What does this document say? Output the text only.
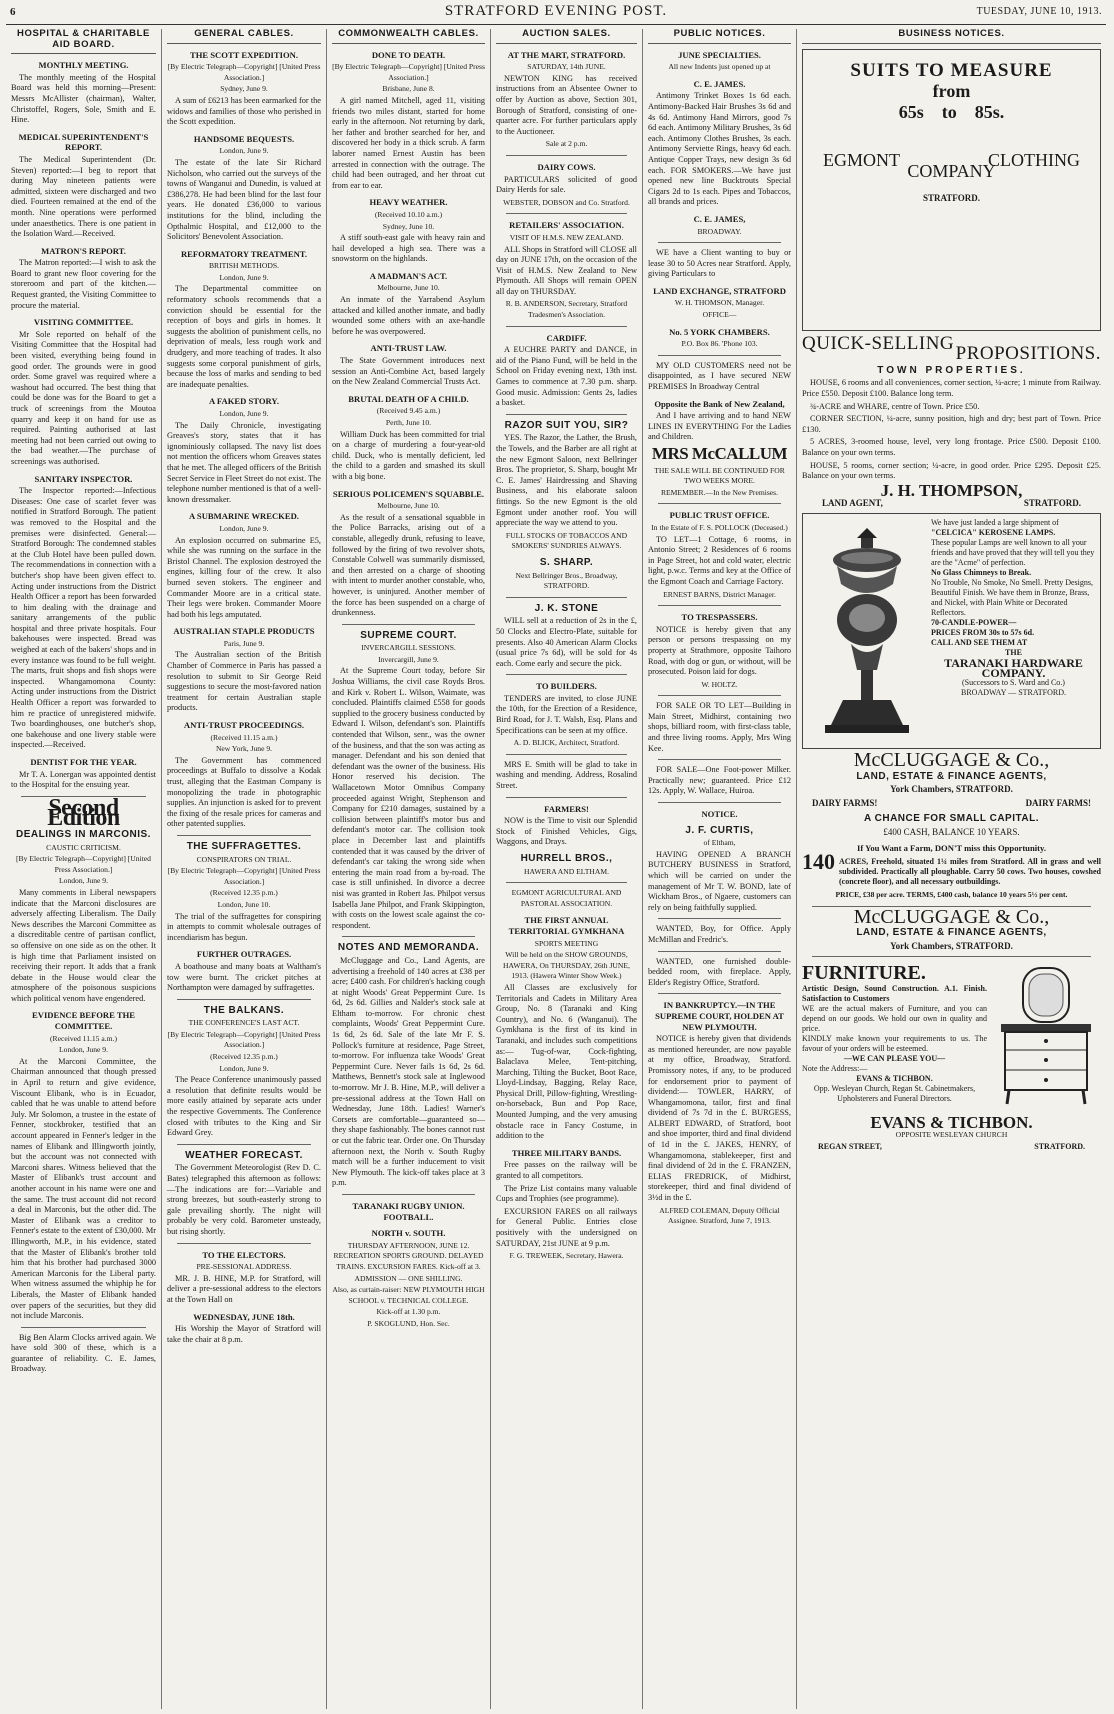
6	STRATFORD EVENING POST.	TUESDAY, JUNE 10, 1913.
HOSPITAL & CHARITABLE AID BOARD.
MONTHLY MEETING.

The monthly meeting of the Hospital Board was held this morning—Present: Messrs McAllister (chairman), Walter, Christoffel, Rogers, Sole, Smith and E. Hine.

MEDICAL SUPERINTENDENT'S REPORT.

The Medical Superintendent (Dr. Steven) reported:—I beg to report that during May nineteen patients were admitted, sixteen were discharged and two died. Fourteen remained at the end of the month. Nine operations were performed under anaesthetics. There is one patient in the Isolation Ward.—Received.

MATRON'S REPORT.

The Matron reported:—I wish to ask the Board to grant new floor covering for the storeroom and part of the kitchen.—Request granted, the Visiting Committee to procure the material.

VISITING COMMITTEE.

Mr Sole reported on behalf of the Visiting Committee that the Hospital had been visited, everything being found in good order. The grounds were in good order. Some gravel was required where a washout had occurred. The best thing that could be done was for the Board to get a truck of screenings from the Moutoa quarry and keep it on hand for use as required. Painting authorised at last meeting had not been carried out owing to the bad weather.—The purchase of screenings was authorised.

SANITARY INSPECTOR.

The Inspector reported:—Infectious Diseases: One case of scarlet fever was notified in Stratford Borough. The patient was removed to the Hospital and the premises were disinfected. General:—Stratford Borough: The condemned stables at the Club Hotel have been pulled down. The recommendations in connection with a butcher's shop have been given effect to. Acting under instructions from the District Health Officer a report has been forwarded to him dealing with the drainage and sanitary arrangements of the public hospital and three private hospitals. Four bakehouses were inspected. Bread was weighed at each of the bakers' shops and in every instance was found to be full weight. The marts, fruit shops and fish shops were inspected. Whangamomona County: Acting under instructions from the District Health Officer a report was forwarded to him re practice of unregistered midwife. Two boardinghouses, one butcher's shop, one bakehouse and one livery stable were inspected.—Received.

DENTIST FOR THE YEAR.

Mr T. A. Lonergan was appointed dentist to the Hospital for the ensuing year.

Second Edition
DEALINGS IN MARCONIS.
CAUSTIC CRITICISM.
[By Electric Telegraph—Copyright] [United Press Association.]
London, June 9.

Many comments in Liberal newspapers indicate that the Marconi disclosures are adversely affecting Liberalism. The Daily News describes the Marconi Committee as a discreditable centre of partisan conflict, so offensive on one side as on the other. It is high time that Parliament insisted on receiving their report. It adds that a frank debate in the House would clear the atmosphere of the poisonous suspicions which political venom have engendered.

EVIDENCE BEFORE THE COMMITTEE.
(Received 11.15 a.m.)
London, June 9.

At the Marconi Committee, the Chairman announced that though pressed in April to return and give evidence, Viscount Elibank, who is in Ecuador, cabled that he was unable to attend before July. Mr Solomon, a trustee in the estate of Fenner, stockbroker, testified that an account appeared in Fenner's ledger in the names of Elibank and Illingworth jointly, but the account was not connected with Marconi shares. Witness believed that the Master of Elibank's trust account and another account in his name were one and the same. The trust account did not record a deal in Marconis, but the other did. The Master of Elibank was a creditor to Fenner's estate to the extent of £30,000. Mr Illingworth, M.P., in his evidence, stated that the Master of Elibank's brother told him that his brother had purchased 3000 American Marconis for the Liberal party. When witness assumed the whiphip he for Liberals, the Master of Elibank handed over papers of the securities, but they did not include Marconis.

Big Ben Alarm Clocks arrived again. We have sold 300 of these, which is a guarantee of reliability. C. E. James, Broadway.

GENERAL CABLES.
THE SCOTT EXPEDITION.
[By Electric Telegraph—Copyright] [United Press Association.]
Sydney, June 9.

A sum of £6213 has been earmarked for the widows and families of those who perished in the Scott expedition.

HANDSOME BEQUESTS.
London, June 9.

The estate of the late Sir Richard Nicholson, who carried out the surveys of the towns of Wanganui and Dunedin, is valued at £386,278. He had been blind for the last four years. He donated £36,000 to various institutions for the blind, including the Opthalmic Hospital, and £12,000 to the Solicitors' Benevolent Association.

REFORMATORY TREATMENT.
BRITISH METHODS.
London, June 9.

The Departmental committee on reformatory schools recommends that a conviction should be essential for the reception of boys and girls in homes. It suggests the abolition of punishment cells, no deprivation of meals, less rough work and drudgery, and more teaching of trades. It also suggests some corporal punishment of girls, because the loss of marks and sending to bed are inadequate penalties.

A FAKED STORY.
London, June 9.

The Daily Chronicle, investigating Greaves's story, states that it has ignominiously collapsed. The navy list does not mention the officers whom Greaves states that he met. The alleged officers of the British Secret Service in Fleet Street do not exist. The telephone number mentioned is that of a well-known dressmaker.

A SUBMARINE WRECKED.
London, June 9.

An explosion occurred on submarine E5, while she was running on the surface in the Bristol Channel. The explosion destroyed the engines, killing four of the crew. It also burned seven stokers. The engineer and Commander Moore are in a critical state. Their legs were broken. Commander Moore had both his legs amputated.

AUSTRALIAN STAPLE PRODUCTS
Paris, June 9.

The Australian section of the British Chamber of Commerce in Paris has passed a resolution to submit to Sir George Reid suggestions to secure the most-favored nation treatment for certain Australian staple products.

ANTI-TRUST PROCEEDINGS.
(Received 11.15 a.m.)
New York, June 9.

The Government has commenced proceedings at Buffalo to dissolve a Kodak trust, alleging that the Eastman Company is monopolizing the trade in photographic supplies. An injunction is asked for to prevent the fixing of the resale prices for cameras and other patented supplies.

THE SUFFRAGETTES.
CONSPIRATORS ON TRIAL.
[By Electric Telegraph—Copyright] [United Press Association.]
(Received 12.35 p.m.)
London, June 10.

The trial of the suffragettes for conspiring in attempts to commit wholesale outrages of incendiarism has begun.

FURTHER OUTRAGES.

A boathouse and many boats at Waltham's tow were burnt. The cricket pitches at Northampton were damaged by suffragettes.

THE BALKANS.
THE CONFERENCE'S LAST ACT.
[By Electric Telegraph—Copyright] [United Press Association.]
(Received 12.35 p.m.)
London, June 9.

The Peace Conference unanimously passed a resolution that definite results would be more easily attained by separate acts under the respective Governments. The Conference closed with tributes to the King and Sir Edward Grey.

WEATHER FORECAST.

The Government Meteorologist (Rev D. C. Bates) telegraphed this afternoon as follows:—The indications are for:—Variable and strong breezes, but south-easterly strong to gale prevailing shortly. The night will probably be very cold. Barometer unsteady, but rising shortly.

TO THE ELECTORS.
PRE-SESSIONAL ADDRESS.

MR. J. B. HINE, M.P. for Stratford, will deliver a pre-sessional address to the electors at the Town Hall on

WEDNESDAY, JUNE 18th.

His Worship the Mayor of Stratford will take the chair at 8 p.m.

COMMONWEALTH CABLES.
DONE TO DEATH.
[By Electric Telegraph—Copyright] [United Press Association.]
Brisbane, June 8.

A girl named Mitchell, aged 11, visiting friends two miles distant, started for home early in the afternoon. Not returning by dark, her father and brother searched for her, and discovered her body in a thick scrub. A farm laborer named Ernest Austin has been arrested in connection with the outrage. The child had been outraged, and her throat cut from ear to ear.

HEAVY WEATHER.
(Received 10.10 a.m.)
Sydney, June 10.

A stiff south-east gale with heavy rain and hail developed a high sea. There was a snowstorm on the highlands.

A MADMAN'S ACT.
Melbourne, June 10.

An inmate of the Yarrabend Asylum attacked and killed another inmate, and badly wounded some others with an axe-handle before he was overpowered.

ANTI-TRUST LAW.

The State Government introduces next session an Anti-Combine Act, based largely on the New Zealand Commercial Trusts Act.

BRUTAL DEATH OF A CHILD.
(Received 9.45 a.m.)
Perth, June 10.

William Duck has been committed for trial on a charge of murdering a four-year-old child. Duck, who is mentally deficient, led the child to a garden and smashed its skull with a big bone.

SERIOUS POLICEMEN'S SQUABBLE.
Melbourne, June 10.

As the result of a sensational squabble in the Police Barracks, arising out of a constable, allegedly drunk, refusing to leave, followed by the firing of two revolver shots, Constable Colwell was summarily dismissed, and then arrested on a charge of shooting with intent to murder another constable, who, however, is uninjured. Another member of the force has been suspended on a charge of drunkenness.

SUPREME COURT.
INVERCARGILL SESSIONS.
Invercargill, June 9.

At the Supreme Court today, before Sir Joshua Williams, the civil case Royds Bros. and Kirk v. Robert L. Wilson, Waimate, was concluded. Plaintiffs claimed £558 for goods supplied to the grocery business conducted by Edward I. Wilson, defendant's son. Plaintiffs contended that Wilson, senr., was the owner of the business, and that the son was acting as manager. Defendant and his son denied that defendant was the owner of the business. His Honor reserved his decision. The Wallacetown Motor Omnibus Company proceeded against Wright, Stephenson and Company for £210 damages, sustained by a collision between plaintiff's motor bus and defendant's motor car. The collision took place in December last and plaintiffs contended that it was caused by the driver of defendant's car taking the wrong side when entering the main road from a by-road. The case is still unfinished. In divorce a decree nisi was granted in Robert Jas. Philpot versus Isabella Jane Philpot, and Frank Skippington, with costs on the lowest scale against the co-respondent.

NOTES AND MEMORANDA.

McCluggage and Co., Land Agents, are advertising a freehold of 140 acres at £38 per acre; £400 cash. For children's hacking cough at night Woods' Great Peppermint Cure. 1s 6d, 2s 6d. Gillies and Nalder's stock sale at Eltham to-morrow. For chronic chest complaints, Woods' Great Peppermint Cure. 1s 6d, 2s 6d. Sale of the late Mr F. S. Pollock's furniture at residence, Page Street, to-morrow. For influenza take Woods' Great Peppermint Cure. Never fails 1s 6d, 2s 6d. Matthews, Bennett's stock sale at Inglewood to-morrow. Mr J. B. Hine, M.P., will deliver a pre-sessional address at the Town Hall on Wednesday, June 18th. Ladies! Warner's Corsets are comfortable—guaranteed so—they shape fashionably. The bones cannot rust or cut the fabric tear. Order one. On Thursday afternoon next, the North v. South Rugby match will be a further inducement to visit New Plymouth. The kick-off takes place at 3 p.m.

TARANAKI RUGBY UNION. FOOTBALL.
NORTH v. SOUTH.
THURSDAY AFTERNOON, JUNE 12. RECREATION SPORTS GROUND. DELAYED TRAINS. EXCURSION FARES. Kick-off at 3.
ADMISSION — ONE SHILLING.
Also, as curtain-raiser: NEW PLYMOUTH HIGH SCHOOL v. TECHNICAL COLLEGE.
Kick-off at 1.30 p.m.
P. SKOGLUND, Hon. Sec.
AUCTION SALES.
AT THE MART, STRATFORD.
SATURDAY, 14th JUNE.

NEWTON KING has received instructions from an Absentee Owner to offer by Auction as above, Section 301, Borough of Stratford, consisting of one-quarter acre. For further particulars apply to the Auctioneer.

Sale at 2 p.m.
DAIRY COWS.

PARTICULARS solicited of good Dairy Herds for sale.

WEBSTER, DOBSON and Co. Stratford.
RETAILERS' ASSOCIATION.
VISIT OF H.M.S. NEW ZEALAND.

ALL Shops in Stratford will CLOSE all day on JUNE 17th, on the occasion of the Visit of H.M.S. New Zealand to New Plymouth. All Shops will remain OPEN all day on THURSDAY.

R. B. ANDERSON, Secretary, Stratford Tradesmen's Association.
CARDIFF.

A EUCHRE PARTY and DANCE, in aid of the Piano Fund, will be held in the School on Friday evening next, 13th inst. Games to commence at 7.30 p.m. sharp. Good music. Admission: Gents 2s, ladies a basket.

RAZOR SUIT YOU, SIR?

YES. The Razor, the Lather, the Brush, the Towels, and the Barber are all right at the new Egmont Saloon, next Bellringer Bros. The proprietor, S. Sharp, bought Mr C. E. James' Hairdressing and Shaving Business, and his elaborate saloon fittings. So the new Egmont is the old Egmont under another roof. You will appreciate the way we attend to you.

FULL STOCKS OF TOBACCOS AND SMOKERS' SUNDRIES ALWAYS.
S. SHARP.
Next Bellringer Bros., Broadway, STRATFORD.
J. K. STONE

WILL sell at a reduction of 2s in the £, 50 Clocks and Electro-Plate, suitable for presents. Also 40 American Alarm Clocks (usual price 7s 6d), will be sold for 4s each. Come early and secure the pick.

TO BUILDERS.

TENDERS are invited, to close JUNE the 10th, for the Erection of a Residence, Bird Road, for J. T. Walsh, Esq. Plans and Specifications can be seen at my office.

A. D. BLICK, Architect, Stratford.

MRS E. Smith will be glad to take in washing and mending. Address, Rosalind Street.

FARMERS!

NOW is the Time to visit our Splendid Stock of Finished Vehicles, Gigs, Waggons, and Drays.

HURRELL BROS.,
HAWERA AND ELTHAM.
EGMONT AGRICULTURAL AND PASTORAL ASSOCIATION.
THE FIRST ANNUAL TERRITORIAL GYMKHANA
SPORTS MEETING
Will be held on the SHOW GROUNDS, HAWERA, On THURSDAY, 26th JUNE, 1913. (Hawera Winter Show Week.)

All Classes are exclusively for Territorials and Cadets in Military Area Group, No. 8 (Taranaki and King Country), and No. 6 (Wanganui). The Gymkhana is the first of its kind in Taranaki, and includes such competitions as:— Tug-of-war, Cock-fighting, Balaclava Melee, Tent-pitching, Marching, Tilting the Bucket, Boot Race, Lloyd-Lindsay, Bagging, Relay Race, Physical Drill, Pillow-fighting, Wrestling-on-horseback, Bun and Pop Race, Mounted Jumping, and the very amusing obstacle race in Fancy Costume, in addition to the

THREE MILITARY BANDS.

Free passes on the railway will be granted to all competitors.

The Prize List contains many valuable Cups and Trophies (see programme).

EXCURSION FARES on all railways for General Public. Entries close positively with the undersigned on SATURDAY, 21st JUNE at 9 p.m.

F. G. TREWEEK, Secretary, Hawera.
PUBLIC NOTICES.
JUNE SPECIALTIES.
All new Indents just opened up at
C. E. JAMES.

Antimony Trinket Boxes 1s 6d each. Antimony-Backed Hair Brushes 3s 6d and 4s 6d. Antimony Hand Mirrors, good 7s 6d each. Antimony Military Brushes, 3s 6d each. Antimony Clothes Brushes, 3s each. Antimony Serviette Rings, heavy 6d each. Antique Copper Trays, new design 3s 6d each. FOR SMOKERS.—We have just opened new line Bucktrouts Special Cigars 2d to 1s each. Pipes and Tobaccos, all brands and prices.

C. E. JAMES,
BROADWAY.

WE have a Client wanting to buy or lease 30 to 50 Acres near Stratford. Apply, giving Particulars to

LAND EXCHANGE, STRATFORD
W. H. THOMSON, Manager.
OFFICE—
No. 5 YORK CHAMBERS.
P.O. Box 86. 'Phone 103.

MY OLD CUSTOMERS need not be disappointed, as I have secured NEW PREMISES In Broadway Central

Opposite the Bank of New Zealand,

And I have arriving and to hand NEW LINES IN EVERYTHING For the Ladies and Children.

MRS McCALLUM
THE SALE WILL BE CONTINUED FOR TWO WEEKS MORE.
REMEMBER.—In the New Premises.
PUBLIC TRUST OFFICE.
In the Estate of F. S. POLLOCK (Deceased.)

TO LET—1 Cottage, 6 rooms, in Antonio Street; 2 Residences of 6 rooms in Page Street, hot and cold water, electric light, p.w.c. Terms and key at the Office of the Egmont Coach and Carriage Factory.

ERNEST BARNS, District Manager.
TO TRESPASSERS.

NOTICE is hereby given that any person or persons trespassing on my property at Strathmore, opposite Taihoro Road, with dog or gun, or without, will be prosecuted. Poison laid for dogs.

W. HOLTZ.

FOR SALE OR TO LET—Building in Main Street, Midhirst, containing two shops, billiard room, with first-class table, and three living rooms. Apply, Mrs Wing Kee.

FOR SALE—One Foot-power Milker. Practically new; guaranteed. Price £12 12s. Apply, W. Wallace, Huiroa.

NOTICE.
J. F. CURTIS,
of Eltham,

HAVING OPENED A BRANCH BUTCHERY BUSINESS in Stratford, which will be carried on under the management of Mr T. W. BOND, late of Wickham Bros., of Ngaere, customers can rely on being faithfully supplied.

WANTED, Boy, for Office. Apply McMillan and Fredric's.

WANTED, one furnished double-bedded room, with fireplace. Apply, Elder's Registry Office, Stratford.

IN BANKRUPTCY.—IN THE SUPREME COURT, HOLDEN AT NEW PLYMOUTH.

NOTICE is hereby given that dividends as mentioned hereunder, are now payable at my office, Broadway, Stratford. Promissory notes, if any, to be produced for endorsement prior to payment of dividend:— TOWLER, HARRY, of Whangamomona, tailor, first and final dividend of 7s 7d in the £. BURGESS, ALBERT EDWARD, of Stratford, boot and shoe importer, third and final dividend of 1d in the £. JAKES, HENRY, of Whangamomona, stablekeeper, first and final dividend of 2d in the £. FRANZEN, ELIAS FREDRICK, of Midhirst, storekeeper, third and final dividend of 3½d in the £.

ALFRED COLEMAN, Deputy Official Assignee. Stratford, June 7, 1913.
BUSINESS NOTICES.
SUITS TO MEASURE
from
65s to 85s.
EGMONT	CLOTHING
COMPANY
STRATFORD.
QUICK-SELLING
PROPOSITIONS.
TOWN PROPERTIES.

HOUSE, 6 rooms and all conveniences, corner section, ¼-acre; 1 minute from Railway. Price £550. Deposit £100. Balance long term.

¾-ACRE and WHARE, centre of Town. Price £50.

CORNER SECTION, ¼-acre, sunny position, high and dry; best part of Town. Price £130.

5 ACRES, 3-roomed house, level, very long frontage. Price £500. Deposit £100. Balance on your own terms.

HOUSE, 5 rooms, corner section; ¼-acre, in good order. Price £295. Deposit £25. Balance on your own terms.

J. H. THOMPSON,
LAND AGENT,	STRATFORD.
We have just landed a large shipment of
"CELCICA" KEROSENE LAMPS.
These popular Lamps are well known to all your friends and have proved that they will tell you they are the "Acme" of perfection.
No Glass Chimneys to Break.
No Trouble, No Smoke, No Smell. Pretty Designs, Beautiful Finish. We have them in Bronze, Brass, and Nickel, with Plain White or Decorated Reflectors.
70-CANDLE-POWER—
PRICES FROM 30s to 57s 6d.
CALL AND SEE THEM AT
THE
TARANAKI HARDWARE COMPANY.
(Successors to S. Ward and Co.)
BROADWAY — STRATFORD.
McCLUGGAGE & Co.,
LAND, ESTATE & FINANCE AGENTS,
York Chambers, STRATFORD.
DAIRY FARMS!	DAIRY FARMS!
A CHANCE FOR SMALL CAPITAL.
£400 CASH, BALANCE 10 YEARS.
If You Want a Farm, DON'T miss this Opportunity.
140 ACRES, Freehold, situated 1¼ miles from Stratford. All in grass and well subdivided. Practically all ploughable. Carry 50 cows. Two houses, cowshed (concrete floor), and all necessary outbuildings.
PRICE, £38 per acre. TERMS, £400 cash, balance 10 years 5½ per cent.
McCLUGGAGE & Co.,
LAND, ESTATE & FINANCE AGENTS,
York Chambers, STRATFORD.
FURNITURE.
Artistic Design, Sound Construction. A.1. Finish. Satisfaction to Customers
WE are the actual makers of Furniture, and you can depend on our goods. We hold our own in quality and price.
KINDLY make known your requirements to us. The favour of your orders will be esteemed.
—WE CAN PLEASE YOU—
Note the Address:—
EVANS & TICHBON.
Opp. Wesleyan Church, Regan St. Cabinetmakers, Upholsterers and Funeral Directors.
EVANS & TICHBON.
OPPOSITE WESLEYAN CHURCH
REGAN STREET,	STRATFORD.
